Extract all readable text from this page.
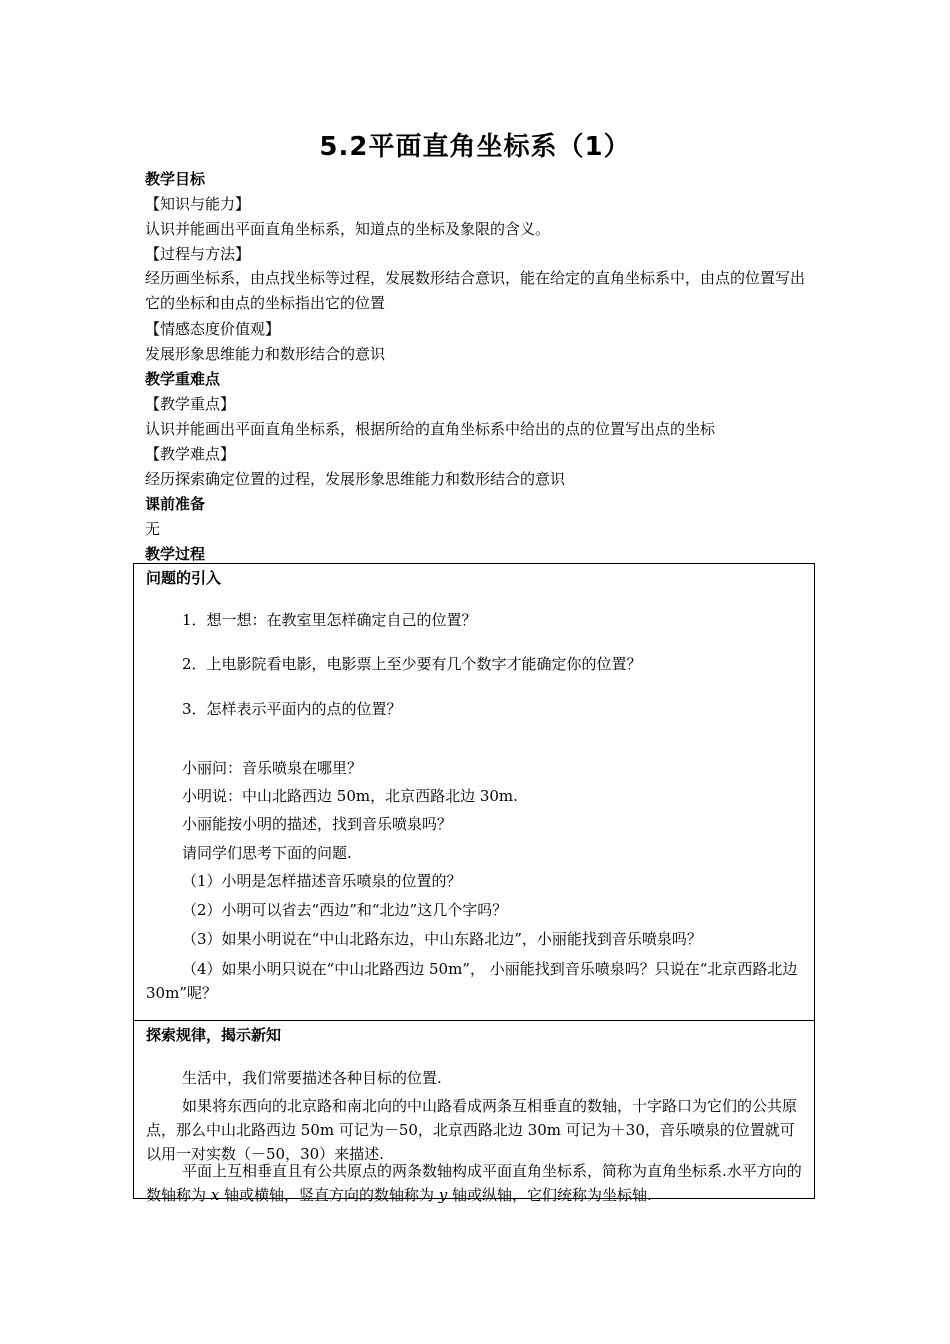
5.2平面直角坐标系（1）
教学目标
【知识与能力】
认识并能画出平面直角坐标系，知道点的坐标及象限的含义。
【过程与方法】
经历画坐标系，由点找坐标等过程，发展数形结合意识，能在给定的直角坐标系中，由点的位置写出它的坐标和由点的坐标指出它的位置
【情感态度价值观】
发展形象思维能力和数形结合的意识
教学重难点
【教学重点】
认识并能画出平面直角坐标系，根据所给的直角坐标系中给出的点的位置写出点的坐标
【教学难点】
经历探索确定位置的过程，发展形象思维能力和数形结合的意识
课前准备
无
教学过程
问题的引入
1．想一想：在教室里怎样确定自己的位置？
2．上电影院看电影，电影票上至少要有几个数字才能确定你的位置？
3．怎样表示平面内的点的位置？
小丽问：音乐喷泉在哪里？
小明说：中山北路西边 50m，北京西路北边 30m.
小丽能按小明的描述，找到音乐喷泉吗？
请同学们思考下面的问题.
（1）小明是怎样描述音乐喷泉的位置的？
（2）小明可以省去“西边”和“北边”这几个字吗？
（3）如果小明说在“中山北路东边，中山东路北边”，小丽能找到音乐喷泉吗？
（4）如果小明只说在“中山北路西边 50m”， 小丽能找到音乐喷泉吗？只说在“北京西路北边 30m”呢？
探索规律，揭示新知
生活中，我们常要描述各种目标的位置.
如果将东西向的北京路和南北向的中山路看成两条互相垂直的数轴，十字路口为它们的公共原点，那么中山北路西边 50m 可记为－50，北京西路北边 30m 可记为＋30，音乐喷泉的位置就可以用一对实数（－50，30）来描述.
平面上互相垂直且有公共原点的两条数轴构成平面直角坐标系，简称为直角坐标系.水平方向的数轴称为 x 轴或横轴，竖直方向的数轴称为 y 轴或纵轴，它们统称为坐标轴.
